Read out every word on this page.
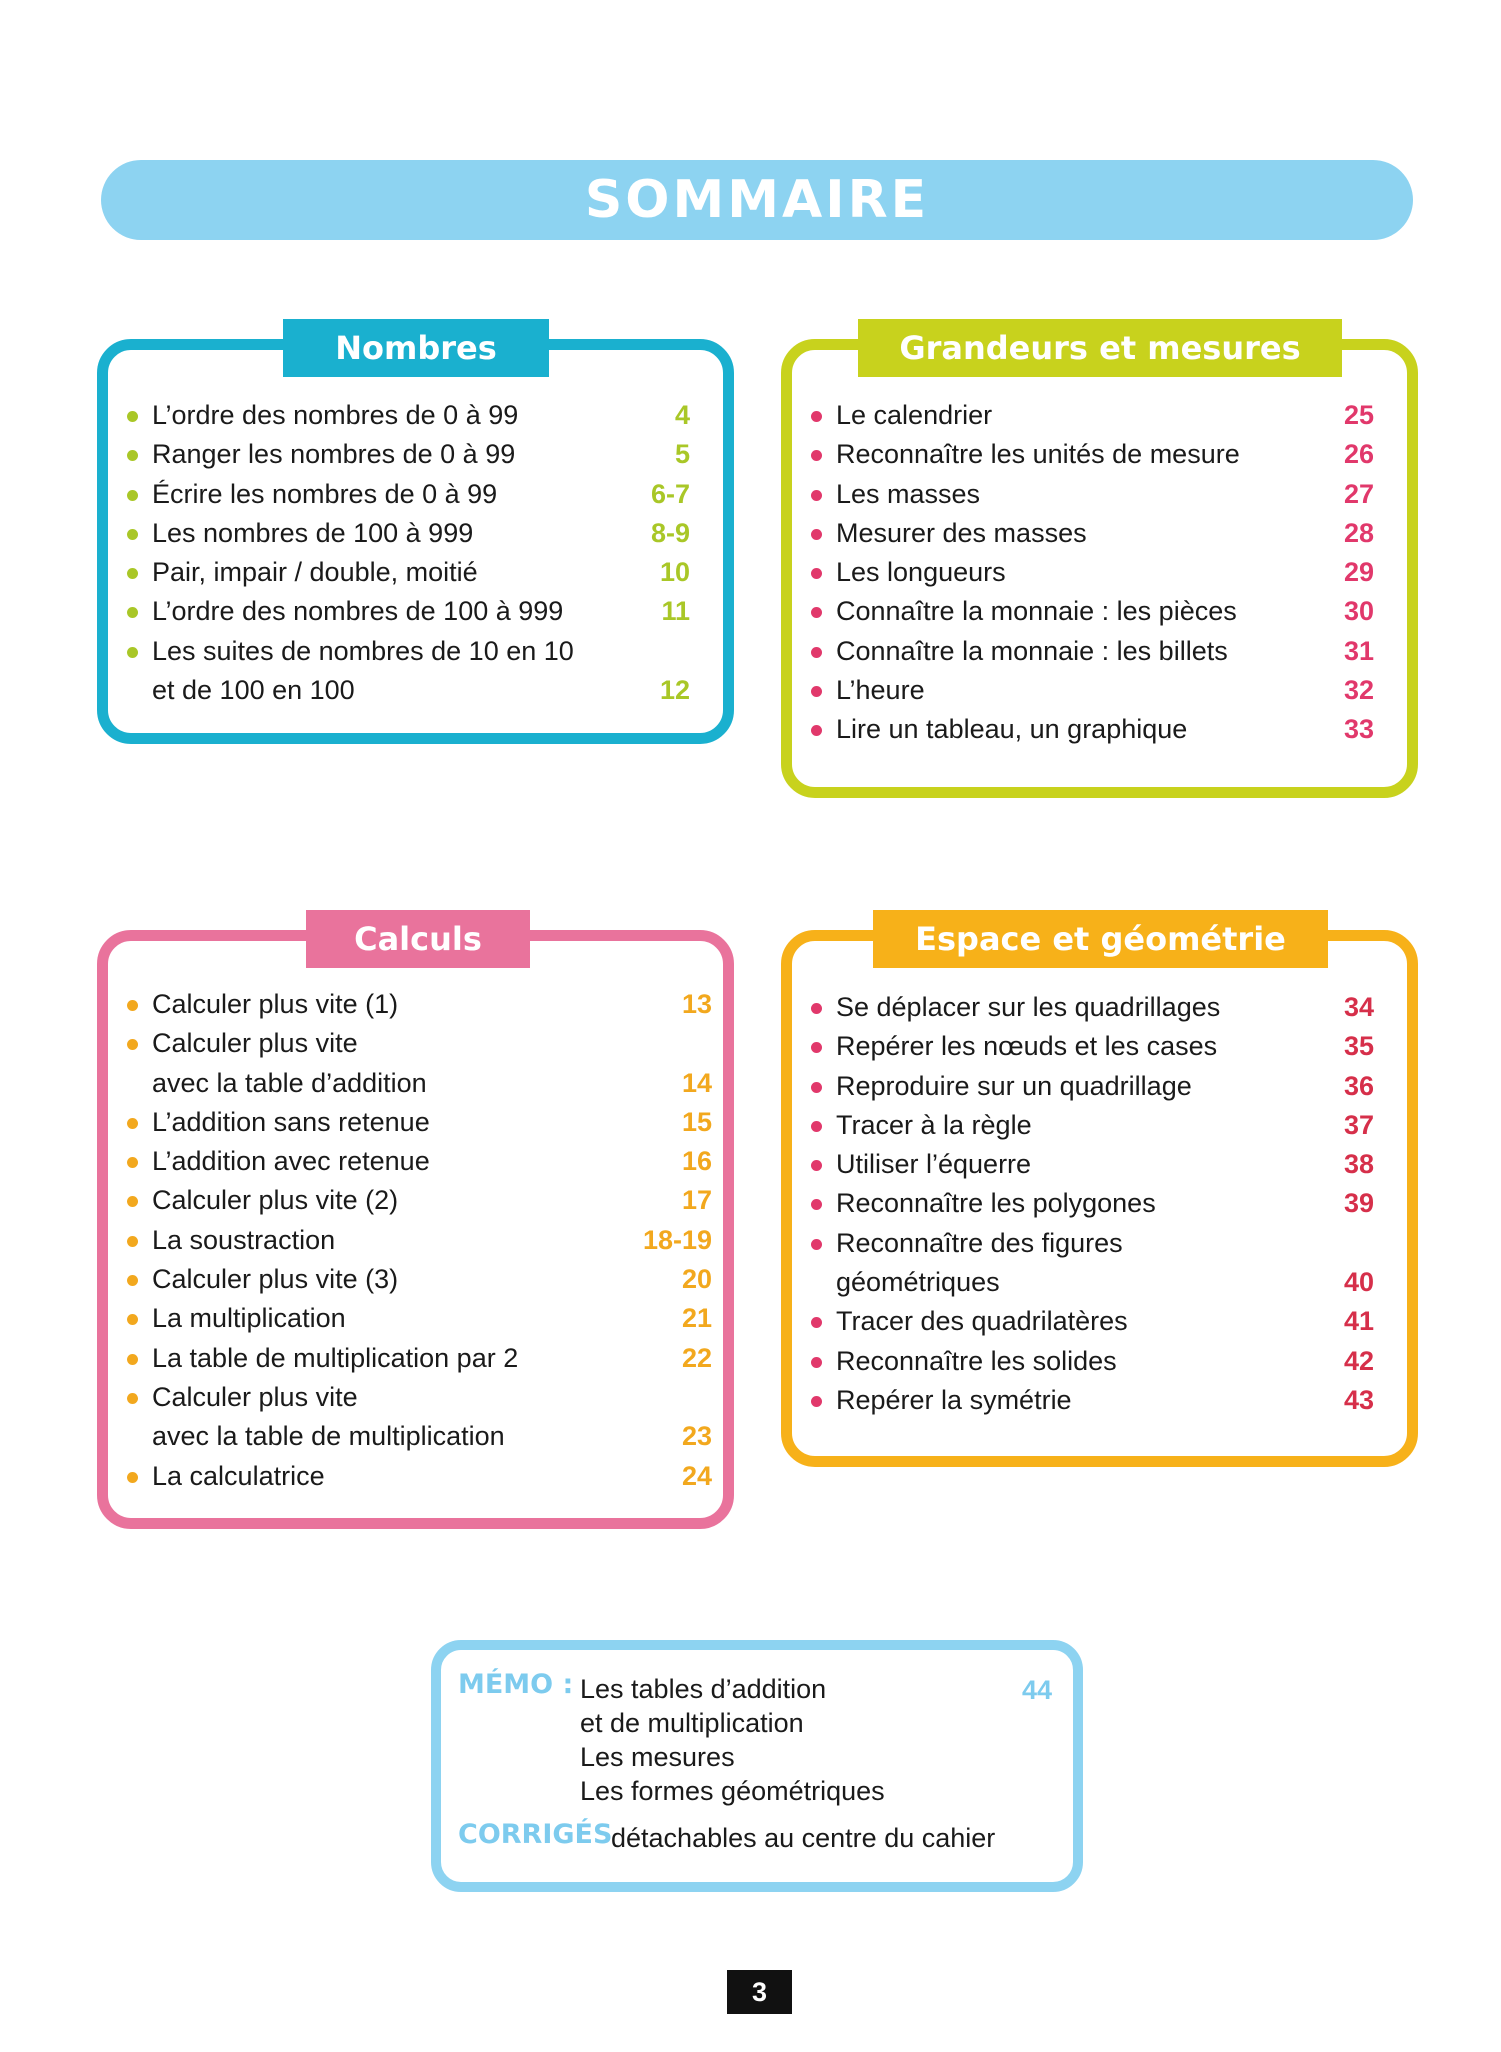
SOMMAIRE
Nombres
L’ordre des nombres de 0 à 99	4
Ranger les nombres de 0 à 99	5
Écrire les nombres de 0 à 99	6-7
Les nombres de 100 à 999	8-9
Pair, impair / double, moitié	10
L’ordre des nombres de 100 à 999	11
Les suites de nombres de 10 en 10
et de 100 en 100	12
Grandeurs et mesures
Le calendrier	25
Reconnaître les unités de mesure	26
Les masses	27
Mesurer des masses	28
Les longueurs	29
Connaître la monnaie : les pièces	30
Connaître la monnaie : les billets	31
L’heure	32
Lire un tableau, un graphique	33
Calculs
Calculer plus vite (1)	13
Calculer plus vite
avec la table d’addition	14
L’addition sans retenue	15
L’addition avec retenue	16
Calculer plus vite (2)	17
La soustraction	18-19
Calculer plus vite (3)	20
La multiplication	21
La table de multiplication par 2	22
Calculer plus vite
avec la table de multiplication	23
La calculatrice	24
Espace et géométrie
Se déplacer sur les quadrillages	34
Repérer les nœuds et les cases	35
Reproduire sur un quadrillage	36
Tracer à la règle	37
Utiliser l’équerre	38
Reconnaître les polygones	39
Reconnaître des figures
géométriques	40
Tracer des quadrilatères	41
Reconnaître les solides	42
Repérer la symétrie	43
MÉMO : Les tables d’addition
et de multiplication
Les mesures
Les formes géométriques
44
CORRIGÉS
détachables au centre du cahier
3
